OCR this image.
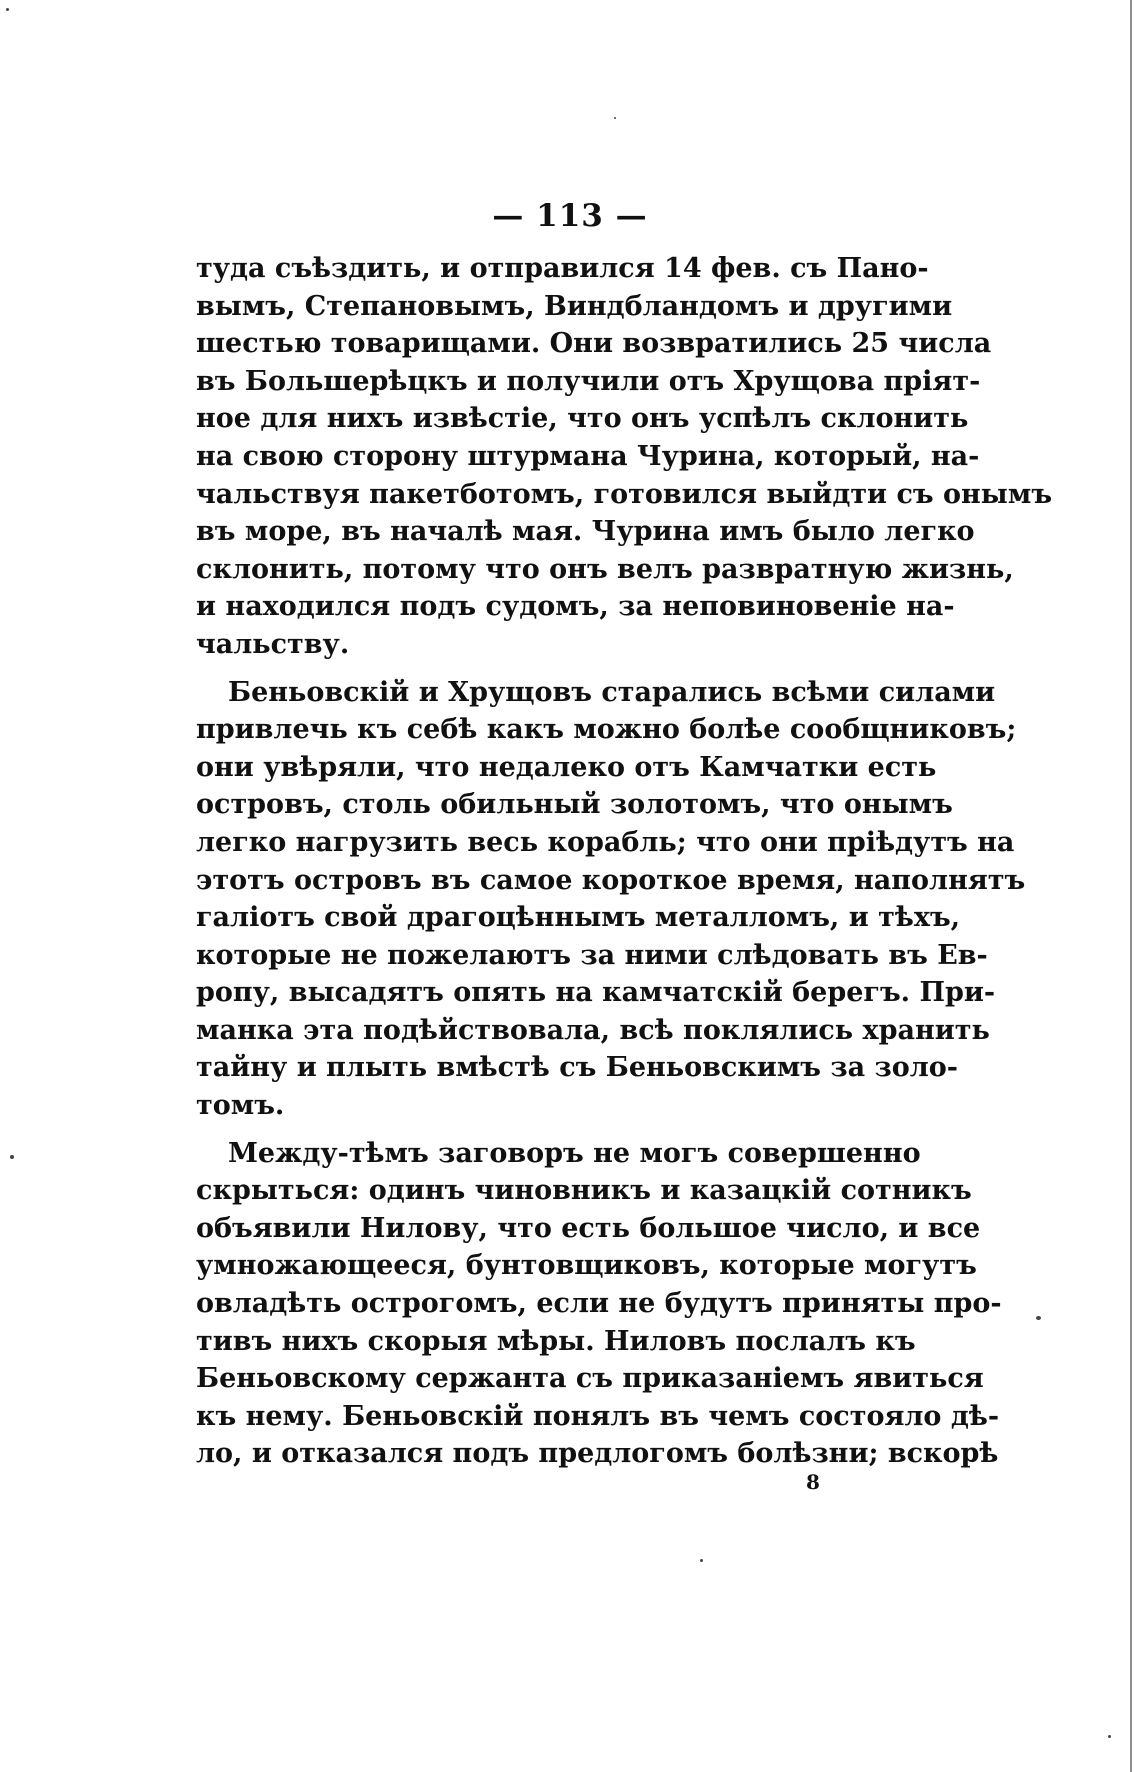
— 113 —
туда съѣздить, и отправился 14 фев. съ Пано-
вымъ, Степановымъ, Виндбландомъ и другими
шестью товарищами. Они возвратились 25 числа
въ Большерѣцкъ и получили отъ Хрущова пріят-
ное для нихъ извѣстіе, что онъ успѣлъ склонить
на свою сторону штурмана Чурина, который, на-
чальствуя пакетботомъ, готовился выйдти съ онымъ
въ море, въ началѣ мая. Чурина имъ было легко
склонить, потому что онъ велъ развратную жизнь,
и находился подъ судомъ, за неповиновеніе на-
чальству.
Беньовскій и Хрущовъ старались всѣми силами
привлечь къ себѣ какъ можно болѣе сообщниковъ;
они увѣряли, что недалеко отъ Камчатки есть
островъ, столь обильный золотомъ, что онымъ
легко нагрузить весь корабль; что они прiѣдутъ на
этотъ островъ въ самое короткое время, наполнятъ
галіотъ свой драгоцѣннымъ металломъ, и тѣхъ,
которые не пожелаютъ за ними слѣдовать въ Ев-
ропу, высадятъ опять на камчатскій берегъ. При-
манка эта подѣйствовала, всѣ поклялись хранить
тайну и плыть вмѣстѣ съ Беньовскимъ за золо-
томъ.
Между-тѣмъ заговоръ не могъ совершенно
скрыться: одинъ чиновникъ и казацкій сотникъ
объявили Нилову, что есть большое число, и все
умножающееся, бунтовщиковъ, которые могутъ
овладѣть острогомъ, если не будутъ приняты про-
тивъ нихъ скорыя мѣры. Ниловъ послалъ къ
Беньовскому сержанта съ приказаніемъ явиться
къ нему. Беньовскій понялъ въ чемъ состояло дѣ-
ло, и отказался подъ предлогомъ болѣзни; вскорѣ
8
